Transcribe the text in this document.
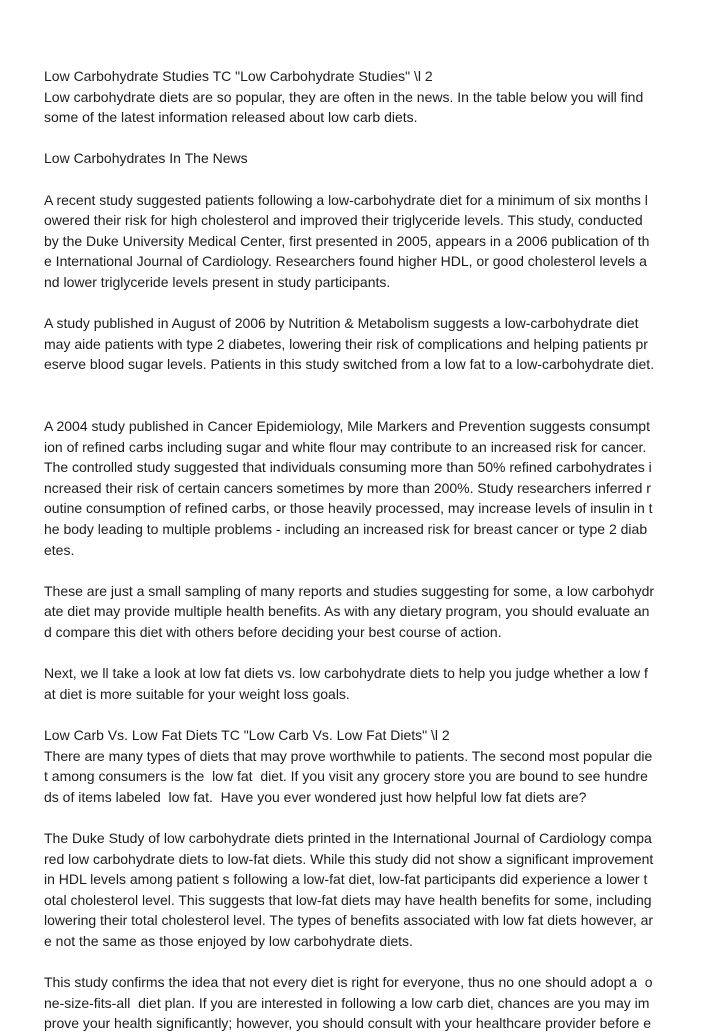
Low Carbohydrate Studies TC "Low Carbohydrate Studies" \l 2
Low carbohydrate diets are so popular, they are often in the news. In the table below you will find
some of the latest information released about low carb diets.
Low Carbohydrates In The News
A recent study suggested patients following a low-carbohydrate diet for a minimum of six months l
owered their risk for high cholesterol and improved their triglyceride levels. This study, conducted
by the Duke University Medical Center, first presented in 2005, appears in a 2006 publication of th
e International Journal of Cardiology. Researchers found higher HDL, or good cholesterol levels a
nd lower triglyceride levels present in study participants.
A study published in August of 2006 by Nutrition & Metabolism suggests a low-carbohydrate diet
may aide patients with type 2 diabetes, lowering their risk of complications and helping patients pr
eserve blood sugar levels. Patients in this study switched from a low fat to a low-carbohydrate diet.
A 2004 study published in Cancer Epidemiology, Mile Markers and Prevention suggests consumpt
ion of refined carbs including sugar and white flour may contribute to an increased risk for cancer.
The controlled study suggested that individuals consuming more than 50% refined carbohydrates i
ncreased their risk of certain cancers sometimes by more than 200%. Study researchers inferred r
outine consumption of refined carbs, or those heavily processed, may increase levels of insulin in t
he body leading to multiple problems - including an increased risk for breast cancer or type 2 diab
etes.
These are just a small sampling of many reports and studies suggesting for some, a low carbohydr
ate diet may provide multiple health benefits. As with any dietary program, you should evaluate an
d compare this diet with others before deciding your best course of action.
Next, we ll take a look at low fat diets vs. low carbohydrate diets to help you judge whether a low f
at diet is more suitable for your weight loss goals.
Low Carb Vs. Low Fat Diets TC "Low Carb Vs. Low Fat Diets" \l 2
There are many types of diets that may prove worthwhile to patients. The second most popular die
t among consumers is the  low fat  diet. If you visit any grocery store you are bound to see hundre
ds of items labeled  low fat.  Have you ever wondered just how helpful low fat diets are?
The Duke Study of low carbohydrate diets printed in the International Journal of Cardiology compa
red low carbohydrate diets to low-fat diets. While this study did not show a significant improvement
in HDL levels among patient s following a low-fat diet, low-fat participants did experience a lower t
otal cholesterol level. This suggests that low-fat diets may have health benefits for some, including
lowering their total cholesterol level. The types of benefits associated with low fat diets however, ar
e not the same as those enjoyed by low carbohydrate diets.
This study confirms the idea that not every diet is right for everyone, thus no one should adopt a  o
ne-size-fits-all  diet plan. If you are interested in following a low carb diet, chances are you may im
prove your health significantly; however, you should consult with your healthcare provider before e
